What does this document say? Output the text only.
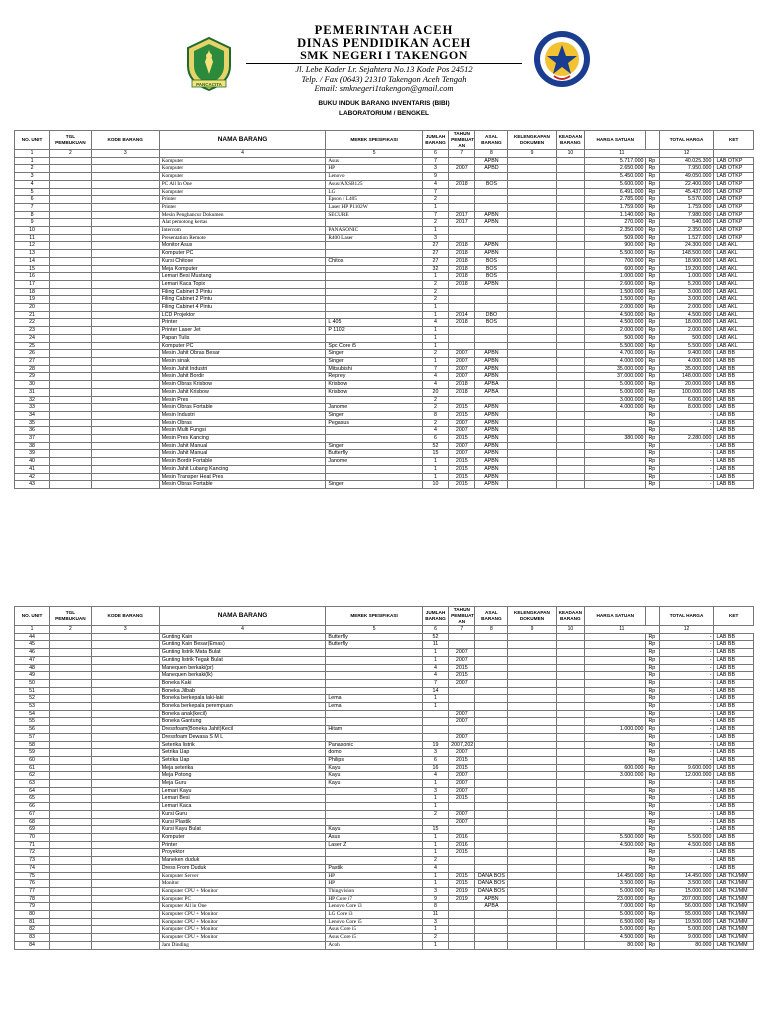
PANCACITA
PEMERINTAH ACEH
DINAS PENDIDIKAN ACEH
SMK NEGERI I TAKENGON
Jl. Lebe Kader Lr. Sejahtera No.13 Kode Pos 24512
Telp. / Fax (0643) 21310 Takengon Aceh Tengah
Email: smknegeri1takengon@gmail.com
BUKU INDUK BARANG INVENTARIS (BIBI)
LABORATORIUM / BENGKEL
NO. UNIT	TGL PEMBUKUAN	KODE BARANG	NAMA BARANG	MEREK SPESIFIKASI	JUMLAH BARANG	TAHUN PEMBUAT AN	ASAL BARANG	KELENGKAPAN DOKUMEN	KEADAAN BARANG	HARGA SATUAN		TOTAL HARGA	KET
1	2	3	4	5	6	7	8	9	10	11		12	
1			Komputer	Asus	7		APBN			5.717.000	Rp	40.025.300	LAB OTKP
2			Komputer	HP	3	2007	APBD			2.650.000	Rp	7.950.000	LAB OTKP
3			Komputer	Lenovo	9					5.450.000	Rp	49.050.000	LAB OTKP
4			PC All In One	Asus/AXSB125	4	2018	BOS			5.600.000	Rp	22.400.000	LAB OTKP
5			Komputer	LG	7					6.491.000	Rp	45.437.000	LAB OTKP
6			Printer	Epson / L405	2					2.785.000	Rp	5.570.000	LAB OTKP
7			Printer	Laser HP P1102W	1					1.759.000	Rp	1.759.000	LAB OTKP
8			Mesin Penghancur Dokumen	SECURE	7	2017	APBN			1.140.000	Rp	7.980.000	LAB OTKP
9			Alat pemotong kertas		2	2017	APBN			270.000	Rp	540.000	LAB OTKP
10			Intercom	PANASONIC	1					2.350.000	Rp	2.350.000	LAB OTKP
11			Presentation Remote	R400 Laser	3					509.000	Rp	1.527.000	LAB OTKP
12			Monitor Asus		27	2018	APBN			900.000	Rp	24.300.000	LAB AKL
13			Komputer PC		27	2018	APBN			5.500.000	Rp	148.500.000	LAB AKL
14			Kursi Chitose	Chitos	27	2018	BOS			700.000	Rp	18.900.000	LAB AKL
15			Meja Komputer		32	2018	BOS			600.000	Rp	19.200.000	LAB AKL
16			Lemari Besi Mustang		1	2018	BOS			1.000.000	Rp	1.000.000	LAB AKL
17			Lemari Kaca Topix		2	2018	APBN			2.600.000	Rp	5.200.000	LAB AKL
18			Filing Cabinet 3 Pintu		2					1.500.000	Rp	3.000.000	LAB AKL
19			Filing Cabinet 2 Pintu		2					1.500.000	Rp	3.000.000	LAB AKL
20			Filing Cabinet 4 Pintu		1					2.000.000	Rp	2.000.000	LAB AKL
21			LCD Projektor		1	2014	DBO			4.500.000	Rp	4.500.000	LAB AKL
22			Printer	L 405	4	2018	BOS			4.500.000	Rp	18.000.000	LAB AKL
23			Printer Laser Jet	P 1102	1					2.000.000	Rp	2.000.000	LAB AKL
24			Papan Tulis		1					500.000	Rp	500.000	LAB AKL
25			Komputer PC	Spc Core i5	1					5.500.000	Rp	5.500.000	LAB AKL
26			Mesin Jahit Obras Besar	Singer	2	2007	APBN			4.700.000	Rp	9.400.000	LAB BB
27			Mesin sinak	Singer	1	2007	APBN			4.000.000	Rp	4.000.000	LAB BB
28			Mesin Jahit Industri	Mitsubishi	7	2007	APBN			35.000.000	Rp	35.000.000	LAB BB
29			Mesin Jahit Bordir	Reprey	4	2007	APBN			37.000.000	Rp	148.000.000	LAB BB
30			Mesin Obras Krisbow	Krisbow	4	2018	APBA			5.000.000	Rp	20.000.000	LAB BB
31			Mesin Jahit Krisbow	Krisbow	20	2018	APBA			5.000.000	Rp	100.000.000	LAB BB
32			Mesin Pres		2					3.000.000	Rp	6.000.000	LAB BB
33			Mesin Obras Fortable	Janome	2	2015	APBN			4.000.000	Rp	8.000.000	LAB BB
34			Mesin Industri	Singer	8	2015	APBN				Rp	-	LAB BB
35			Mesin Obras	Pegasus	2	2007	APBN				Rp	-	LAB BB
36			Mesin Multi Fungsi		4	2007	APBN				Rp	-	LAB BB
37			Mesin Pres Kancing		6	2015	APBN			380.000	Rp	2.280.000	LAB BB
38			Mesin Jahit Manual	Singer	52	2007	APBN				Rp	-	LAB BB
39			Mesin Jahit Manual	Butterfly	15	2007	APBN				Rp	-	LAB BB
40			Mesin Bordir Fortable	Janome	1	2015	APBN				Rp	-	LAB BB
41			Mesin Jahit Lubang Kancing		1	2015	APBN				Rp	-	LAB BB
42			Mesin Transper Heat Pres		1	2015	APBN				Rp	-	LAB BB
43			Mesin Obras Fortable	Singer	10	2015	APBN				Rp	-	LAB BB
NO. UNIT	TGL PEMBUKUAN	KODE BARANG	NAMA BARANG	MEREK SPESIFIKASI	JUMLAH BARANG	TAHUN PEMBUAT AN	ASAL BARANG	KELENGKAPAN DOKUMEN	KEADAAN BARANG	HARGA SATUAN		TOTAL HARGA	KET
1	2	3	4	5	6	7	8	9	10	11		12	
44			Gunting Kain	Butterfly	52						Rp	-	LAB BB
45			Gunting Kain Besar(Emas)	Butterfly	11						Rp	-	LAB BB
46			Gunting listrik Mata Bulat		1	2007					Rp	-	LAB BB
47			Gunting listrik Tegak Bulat		1	2007					Rp	-	LAB BB
48			Manequen berkaki(pr)		4	2015					Rp	-	LAB BB
49			Manequen berkaki(lk)		4	2015					Rp	-	LAB BB
50			Boneka Kaki		7	2007					Rp	-	LAB BB
51			Boneka Jilbab		14						Rp	-	LAB BB
52			Boneka berkepala laki-laki	Lema	1						Rp	-	LAB BB
53			Boneka berkepala perempuan	Lema	1						Rp	-	LAB BB
54			Boneka anak(kecil)			2007					Rp	-	LAB BB
55			Boneka Gantung			2007					Rp	-	LAB BB
56			Dressfoam(Boneka Jahit)Kecil	Hitam						1.000.000	Rp	-	LAB BB
57			Dressfoam Dewasa S M L			2007					Rp	-	LAB BB
58			Seterika listrik	Panasonic	19	2007,202					Rp	-	LAB BB
59			Setrika Uap	domo	3	2007					Rp	-	LAB BB
60			Setrika Uap	Philips	6	2015					Rp	-	LAB BB
61			Meja seterika	Kayu	16	2015				600.000	Rp	9.600.000	LAB BB
62			Meja Potong	Kayu	4	2007				3.000.000	Rp	12.000.000	LAB BB
63			Meja Guru	Kayu	1	2007					Rp	-	LAB BB
64			Lemari Kayu		3	2007					Rp	-	LAB BB
65			Lemari Besi		1	2015					Rp	-	LAB BB
66			Lemari Kaca		1						Rp	-	LAB BB
67			Kursi Guru		2	2007					Rp	-	LAB BB
68			Kursi Plastik			2007					Rp	-	LAB BB
69			Kursi Kayu Bulat	Kayu	15						Rp	-	LAB BB
70			Komputer	Asus	1	2016				5.500.000	Rp	5.500.000	LAB BB
71			Printer	Laser Z	1	2016				4.500.000	Rp	4.500.000	LAB BB
72			Proyektor		1	2015					Rp	-	LAB BB
73			Maneken duduk		2						Rp	-	LAB BB
74			Dress From Duduk	Pastik	4						Rp	-	LAB BB
75			Komputer Server	HP	1	2015	DANA BOS			14.450.000	Rp	14.450.000	LAB TKJ/MM
76			Monitor	HP	1	2015	DANA BOS			3.500.000	Rp	3.500.000	LAB TKJ/MM
77			Komputer CPU + Monitor	Thingvision	3	2019	DANA BOS			5.000.000	Rp	15.000.000	LAB TKJ/MM
78			Komputer PC	HP Core i7	9	2019	APBN			23.000.000	Rp	207.000.000	LAB TKJ/MM
79			Komputer All in One	Lenovo Core i3	8		APBA			7.000.000	Rp	56.000.000	LAB TKJ/MM
80			Komputer CPU + Monitor	LG Core i3	11					5.000.000	Rp	55.000.000	LAB TKJ/MM
81			Komputer CPU + Monitor	Lenovo Core i5	3					6.500.000	Rp	19.500.000	LAB TKJ/MM
82			Komputer CPU + Monitor	Asus Core i5	1					5.000.000	Rp	5.000.000	LAB TKJ/MM
83			Komputer CPU + Monitor	Asus Core i5	2					4.500.000	Rp	9.000.000	LAB TKJ/MM
84			Jam Dinding	Acoh	1					80.000	Rp	80.000	LAB TKJ/MM
